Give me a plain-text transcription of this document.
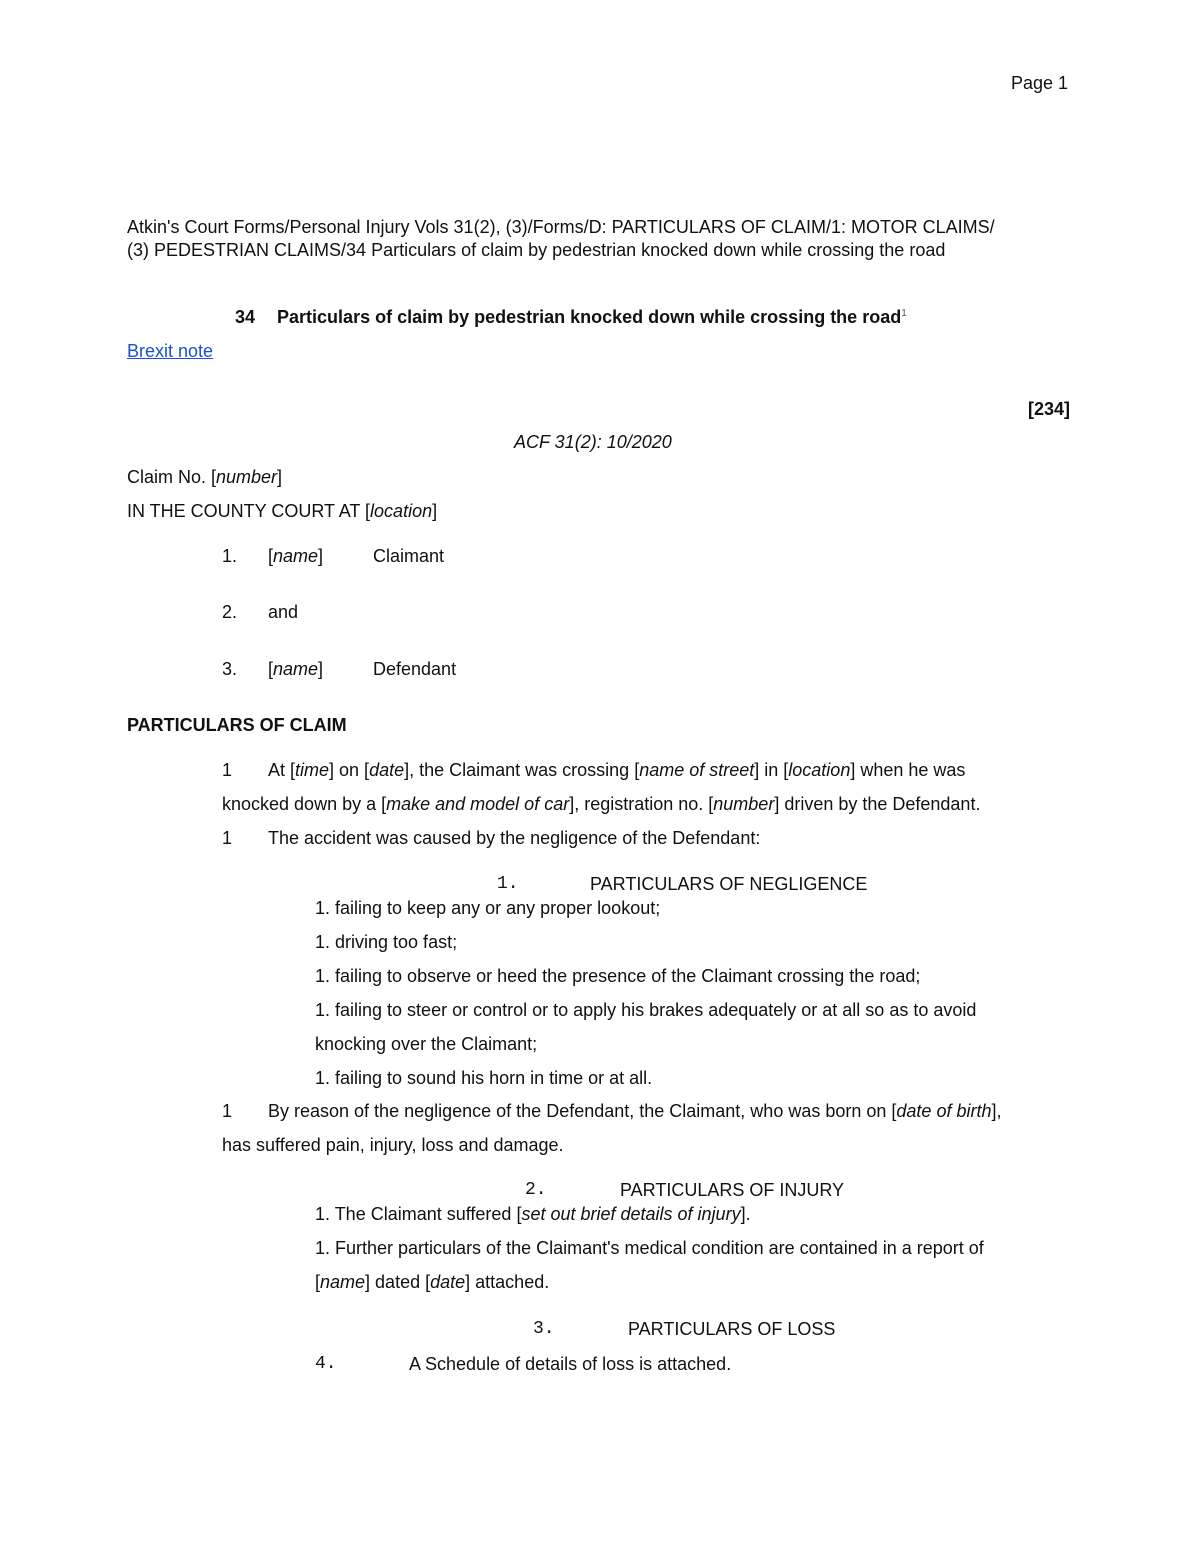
Page 1
Atkin's Court Forms/Personal Injury Vols 31(2), (3)/Forms/D: PARTICULARS OF CLAIM/1: MOTOR CLAIMS/
(3) PEDESTRIAN CLAIMS/34 Particulars of claim by pedestrian knocked down while crossing the road
34 Particulars of claim by pedestrian knocked down while crossing the road$^1$
Brexit note
[234]
ACF 31(2): 10/2020
Claim No. [number]
IN THE COUNTY COURT AT [location]
1. [name]	Claimant
2. and
3. [name]	Defendant
PARTICULARS OF CLAIM
1 At [time] on [date], the Claimant was crossing [name of street] in [location] when he was
knocked down by a [make and model of car], registration no. [number] driven by the Defendant.
1 The accident was caused by the negligence of the Defendant:
1.	PARTICULARS OF NEGLIGENCE
1. failing to keep any or any proper lookout;
1. driving too fast;
1. failing to observe or heed the presence of the Claimant crossing the road;
1. failing to steer or control or to apply his brakes adequately or at all so as to avoid
knocking over the Claimant;
1. failing to sound his horn in time or at all.
1 By reason of the negligence of the Defendant, the Claimant, who was born on [date of birth],
has suffered pain, injury, loss and damage.
2.	PARTICULARS OF INJURY
1. The Claimant suffered [set out brief details of injury].
1. Further particulars of the Claimant's medical condition are contained in a report of
[name] dated [date] attached.
3.	PARTICULARS OF LOSS
4.	A Schedule of details of loss is attached.
